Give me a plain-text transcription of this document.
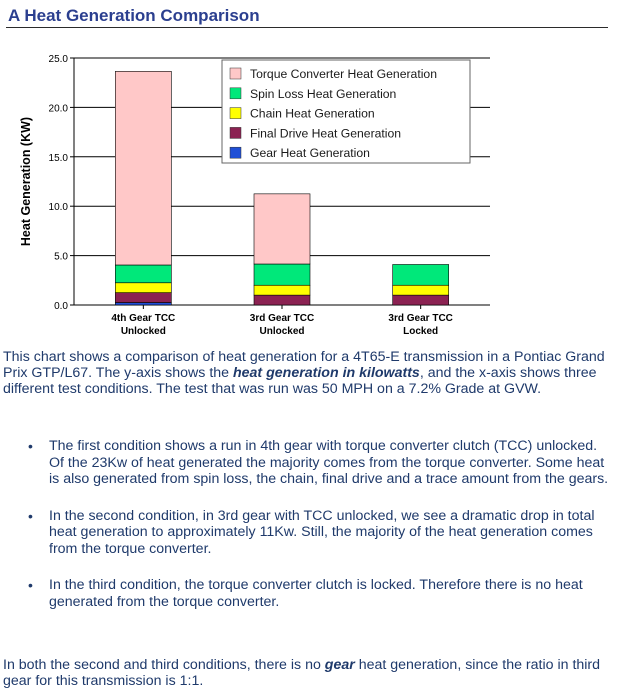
A Heat Generation Comparison
0.0
5.0
10.0
15.0
20.0
25.0
Heat Generation (KW)
4th Gear TCC
Unlocked
3rd Gear TCC
Unlocked
3rd Gear TCC
Locked
Torque Converter Heat Generation
Spin Loss Heat Generation
Chain Heat Generation
Final Drive Heat Generation
Gear Heat Generation
This chart shows a comparison of heat generation for a 4T65-E transmission in a Pontiac Grand Prix GTP/L67. The y-axis shows the heat generation in kilowatts, and the x-axis shows three different test conditions. The test that was run was 50 MPH on a 7.2% Grade at GVW.
• The first condition shows a run in 4th gear with torque converter clutch (TCC) unlocked. Of the 23Kw of heat generated the majority comes from the torque converter. Some heat is also generated from spin loss, the chain, final drive and a trace amount from the gears.
• In the second condition, in 3rd gear with TCC unlocked, we see a dramatic drop in total heat generation to approximately 11Kw. Still, the majority of the heat generation comes from the torque converter.
• In the third condition, the torque converter clutch is locked. Therefore there is no heat generated from the torque converter.
In both the second and third conditions, there is no gear heat generation, since the ratio in third gear for this transmission is 1:1.
